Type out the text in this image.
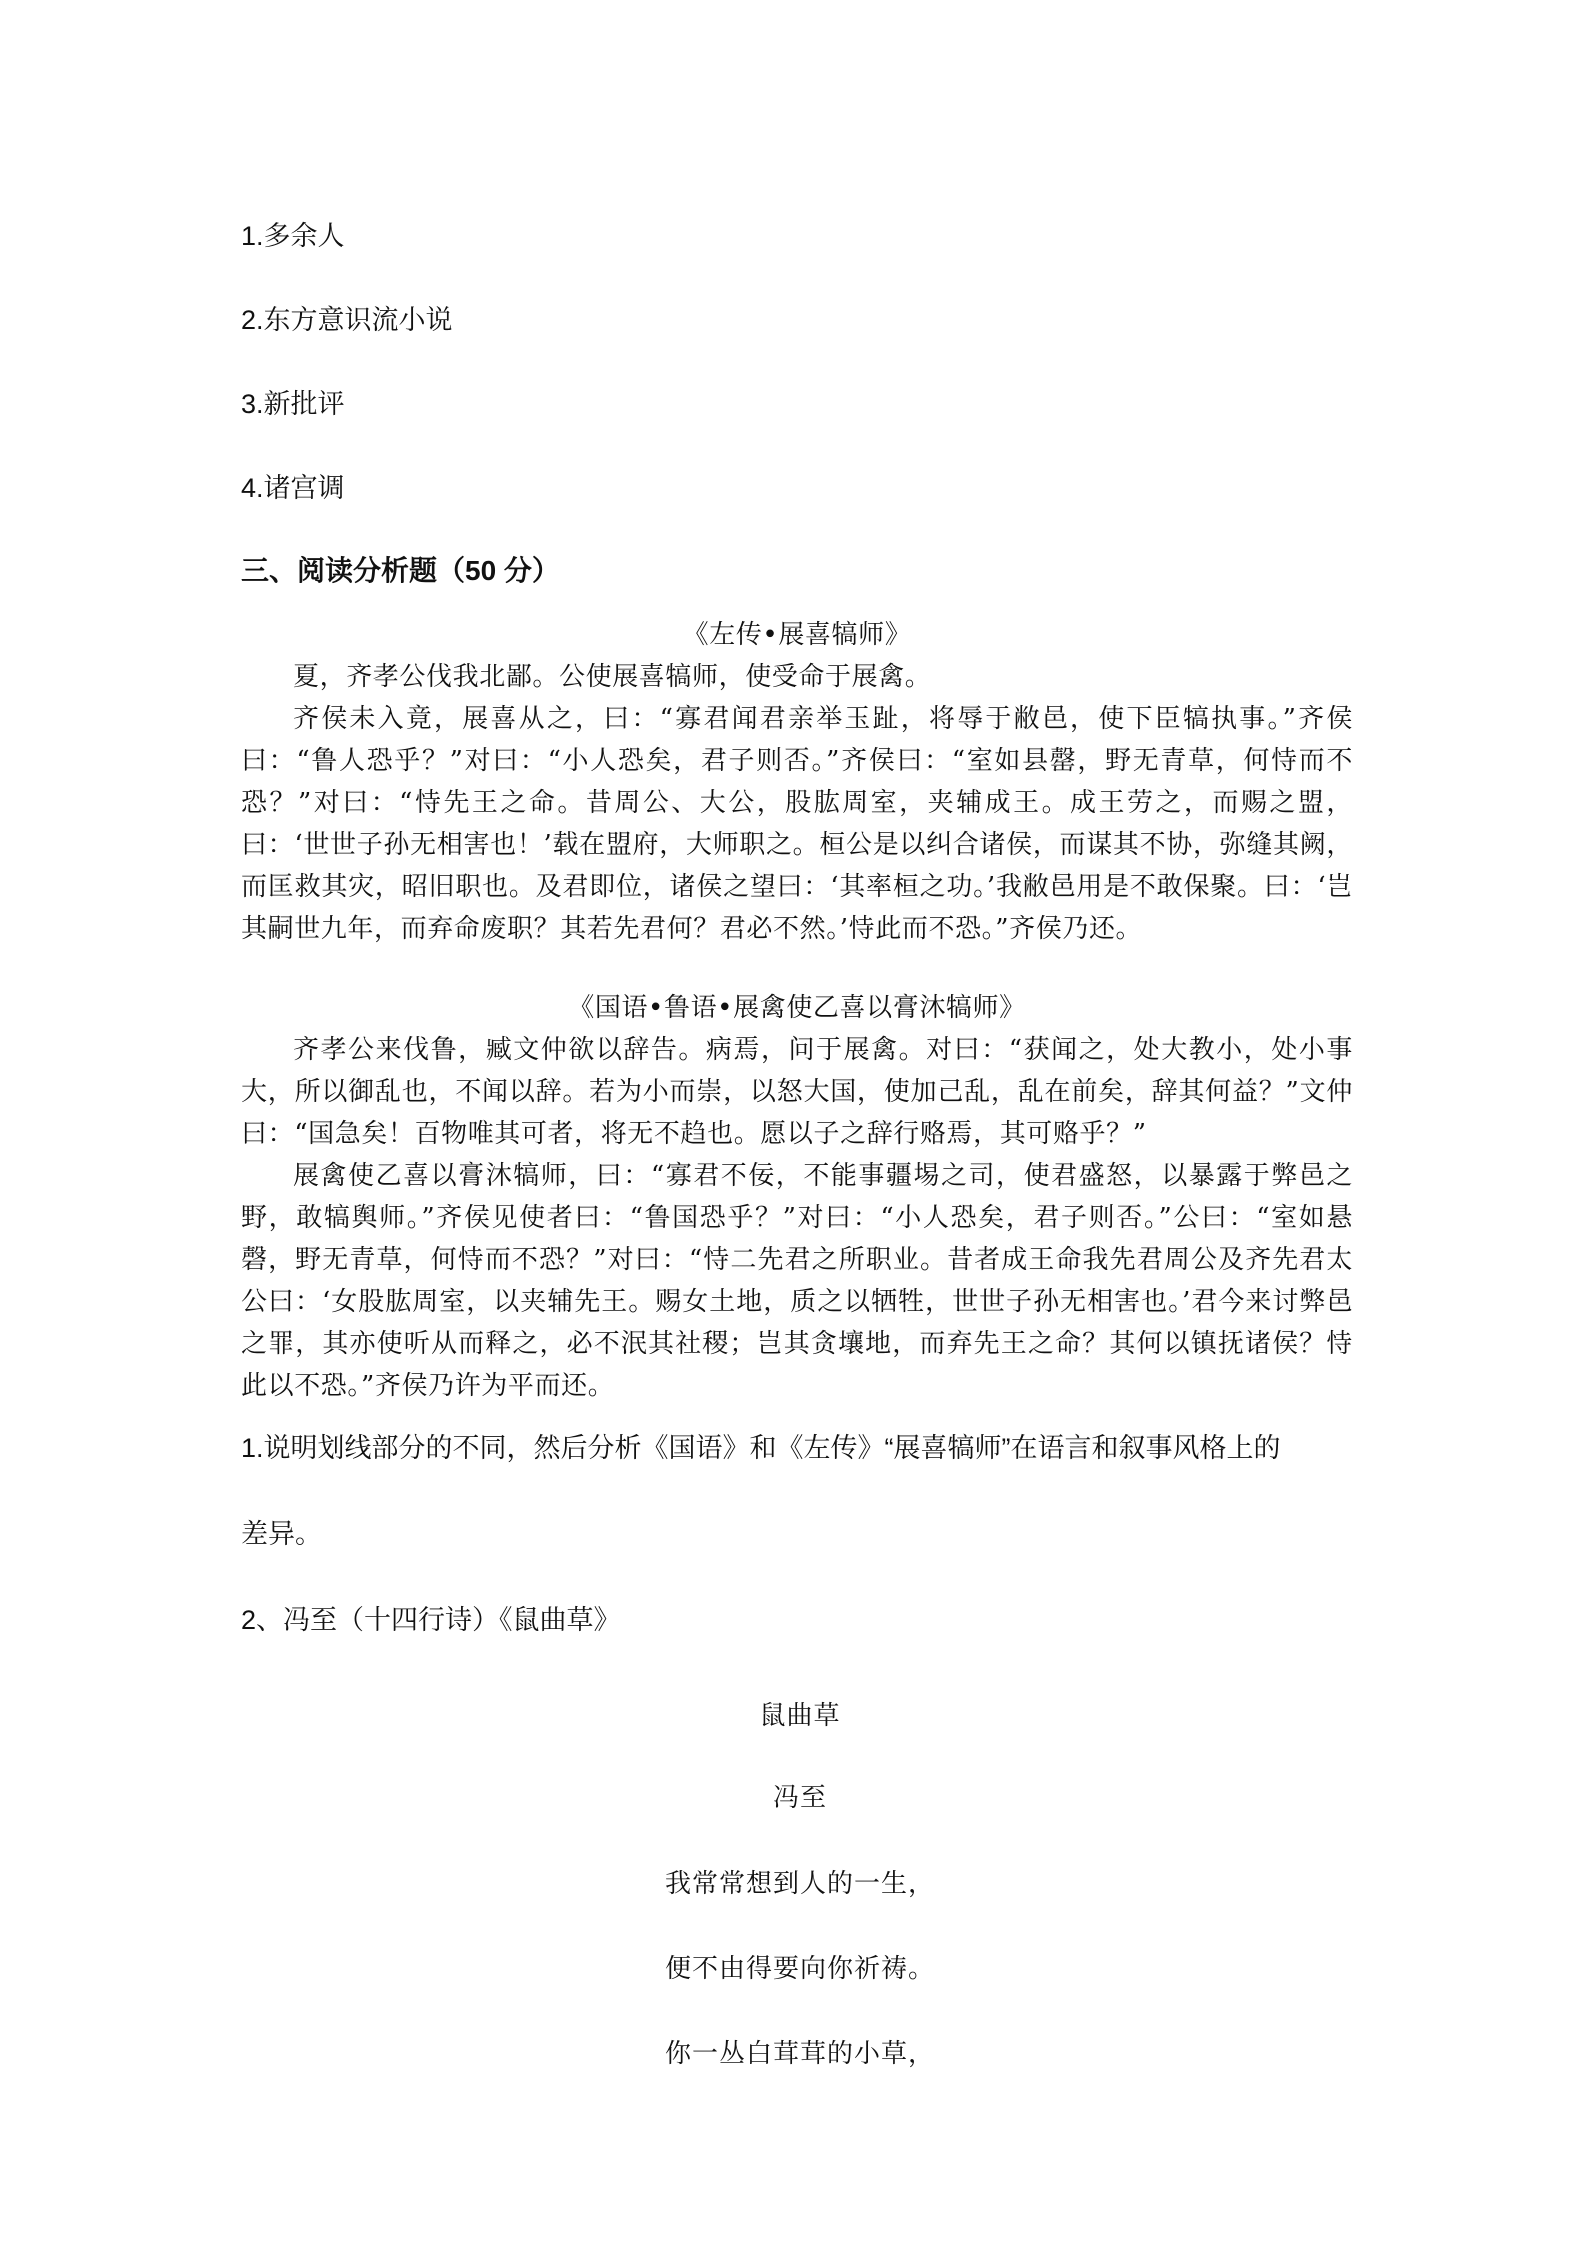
1.多余人
2.东方意识流小说
3.新批评
4.诸宫调
三、阅读分析题（50 分）

《左传•展喜犒师》

夏，齐孝公伐我北鄙。公使展喜犒师，使受命于展禽。

齐侯未入竟，展喜从之，曰：“寡君闻君亲举玉趾，将辱于敝邑，使下臣犒执事。”齐侯曰：“鲁人恐乎？”对曰：“小人恐矣，君子则否。”齐侯曰：“室如县罄，野无青草，何恃而不恐？”对曰：“恃先王之命。昔周公、大公，股肱周室，夹辅成王。成王劳之，而赐之盟，曰：‘世世子孙无相害也！’载在盟府，大师职之。桓公是以纠合诸侯，而谋其不协，弥缝其阙，而匡救其灾，昭旧职也。及君即位，诸侯之望曰：‘其率桓之功。’我敝邑用是不敢保聚。曰：‘岂其嗣世九年，而弃命废职？其若先君何？君必不然。’恃此而不恐。”齐侯乃还。

《国语•鲁语•展禽使乙喜以膏沐犒师》

齐孝公来伐鲁，臧文仲欲以辞告。病焉，问于展禽。对曰：“获闻之，处大教小，处小事大，所以御乱也，不闻以辞。若为小而崇，以怒大国，使加己乱，乱在前矣，辞其何益？”文仲曰：“国急矣！百物唯其可者，将无不趋也。愿以子之辞行赂焉，其可赂乎？”

展禽使乙喜以膏沐犒师，曰：“寡君不佞，不能事疆埸之司，使君盛怒，以暴露于弊邑之野，敢犒舆师。”齐侯见使者曰：“鲁国恐乎？”对曰：“小人恐矣，君子则否。”公曰：“室如悬磬，野无青草，何恃而不恐？”对曰：“恃二先君之所职业。昔者成王命我先君周公及齐先君太公曰：‘女股肱周室，以夹辅先王。赐女土地，质之以牺牲，世世子孙无相害也。’君今来讨弊邑之罪，其亦使听从而释之，必不泯其社稷；岂其贪壤地，而弃先王之命？其何以镇抚诸侯？恃此以不恐。”齐侯乃许为平而还。

1.说明划线部分的不同，然后分析《国语》和《左传》“展喜犒师”在语言和叙事风格上的
差异。
2、冯至（十四行诗）《鼠曲草》
鼠曲草
冯至
我常常想到人的一生，
便不由得要向你祈祷。
你一丛白茸茸的小草，
